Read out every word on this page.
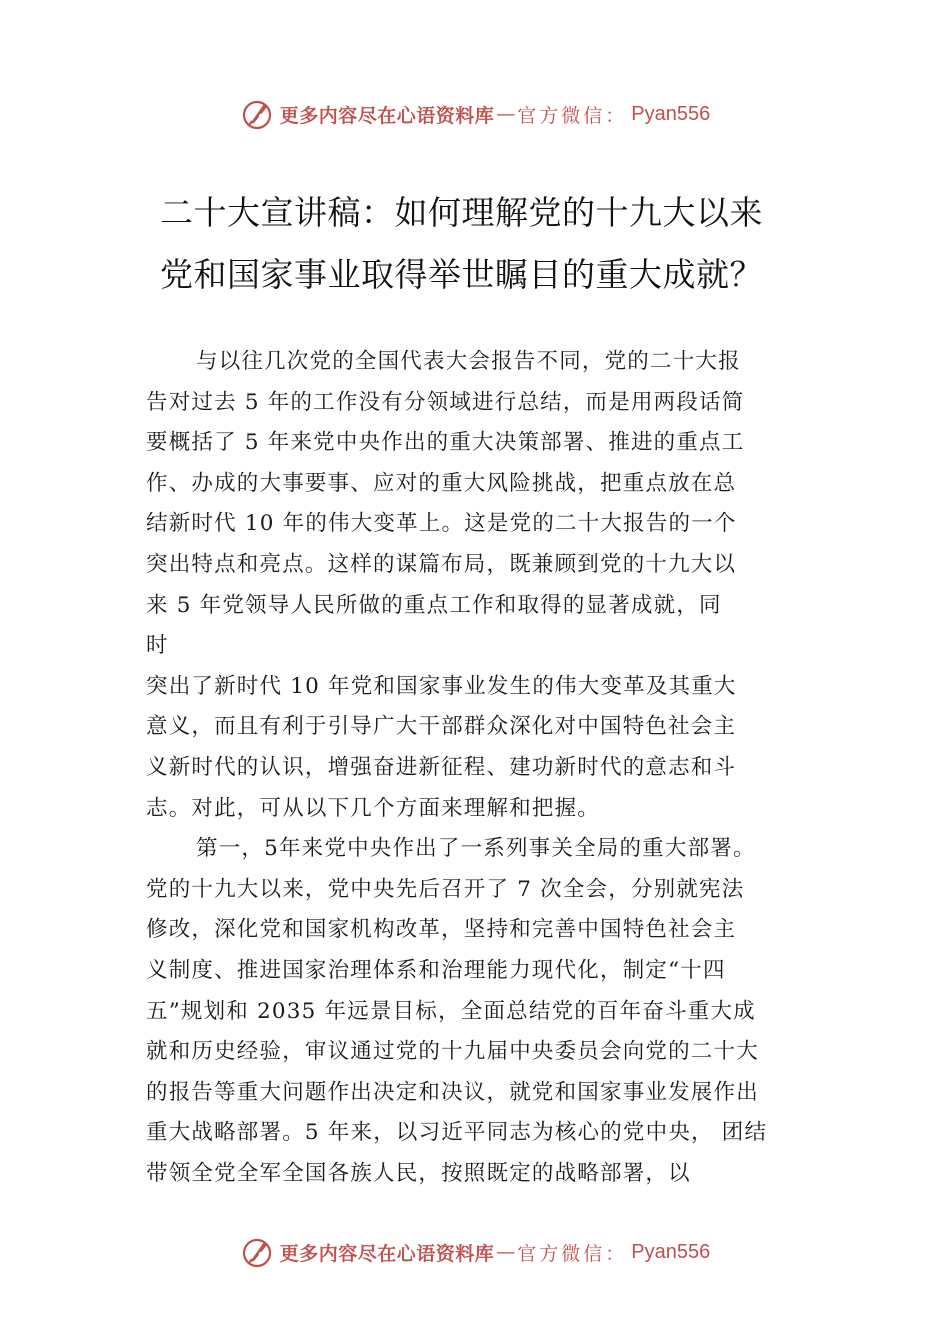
更多内容尽在心语资料库 — 官方微信： Pyan556
二十大宣讲稿：如何理解党的十九大以来
党和国家事业取得举世瞩目的重大成就？
与以往几次党的全国代表大会报告不同，党的二十大报
告对过去 5 年的工作没有分领域进行总结，而是用两段话简
要概括了 5 年来党中央作出的重大决策部署、推进的重点工
作、办成的大事要事、应对的重大风险挑战，把重点放在总
结新时代 10 年的伟大变革上。这是党的二十大报告的一个
突出特点和亮点。这样的谋篇布局，既兼顾到党的十九大以
来 5 年党领导人民所做的重点工作和取得的显著成就，同
时
突出了新时代 10 年党和国家事业发生的伟大变革及其重大
意义，而且有利于引导广大干部群众深化对中国特色社会主
义新时代的认识，增强奋进新征程、建功新时代的意志和斗
志。对此，可从以下几个方面来理解和把握。
第一，5年来党中央作出了一系列事关全局的重大部署。
党的十九大以来，党中央先后召开了 7 次全会，分别就宪法
修改，深化党和国家机构改革，坚持和完善中国特色社会主
义制度、推进国家治理体系和治理能力现代化，制定“十四
五”规划和 2035 年远景目标，全面总结党的百年奋斗重大成
就和历史经验，审议通过党的十九届中央委员会向党的二十大
的报告等重大问题作出决定和决议，就党和国家事业发展作出
重大战略部署。5 年来，以习近平同志为核心的党中央， 团结
带领全党全军全国各族人民，按照既定的战略部署，以
更多内容尽在心语资料库 — 官方微信： Pyan556
